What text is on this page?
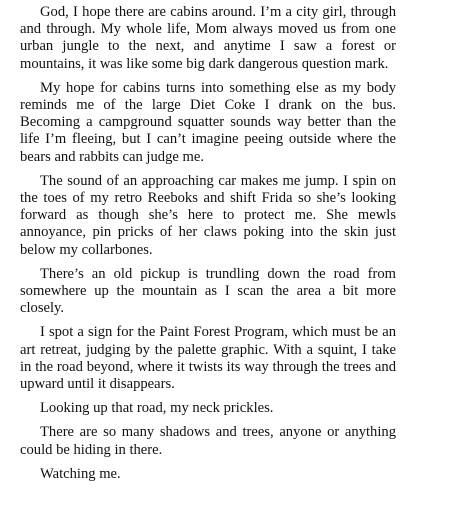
God, I hope there are cabins around. I’m a city girl, through and through. My whole life, Mom always moved us from one urban jungle to the next, and anytime I saw a forest or mountains, it was like some big dark dangerous question mark.

My hope for cabins turns into something else as my body reminds me of the large Diet Coke I drank on the bus. Becoming a campground squatter sounds way better than the life I’m fleeing, but I can’t imagine peeing outside where the bears and rabbits can judge me.

The sound of an approaching car makes me jump. I spin on the toes of my retro Reeboks and shift Frida so she’s looking forward as though she’s here to protect me. She mewls annoyance, pin pricks of her claws poking into the skin just below my collarbones.

There’s an old pickup is trundling down the road from somewhere up the mountain as I scan the area a bit more closely.

I spot a sign for the Paint Forest Program, which must be an art retreat, judging by the palette graphic. With a squint, I take in the road beyond, where it twists its way through the trees and upward until it disappears.

Looking up that road, my neck prickles.

There are so many shadows and trees, anyone or anything could be hiding in there.

Watching me.
